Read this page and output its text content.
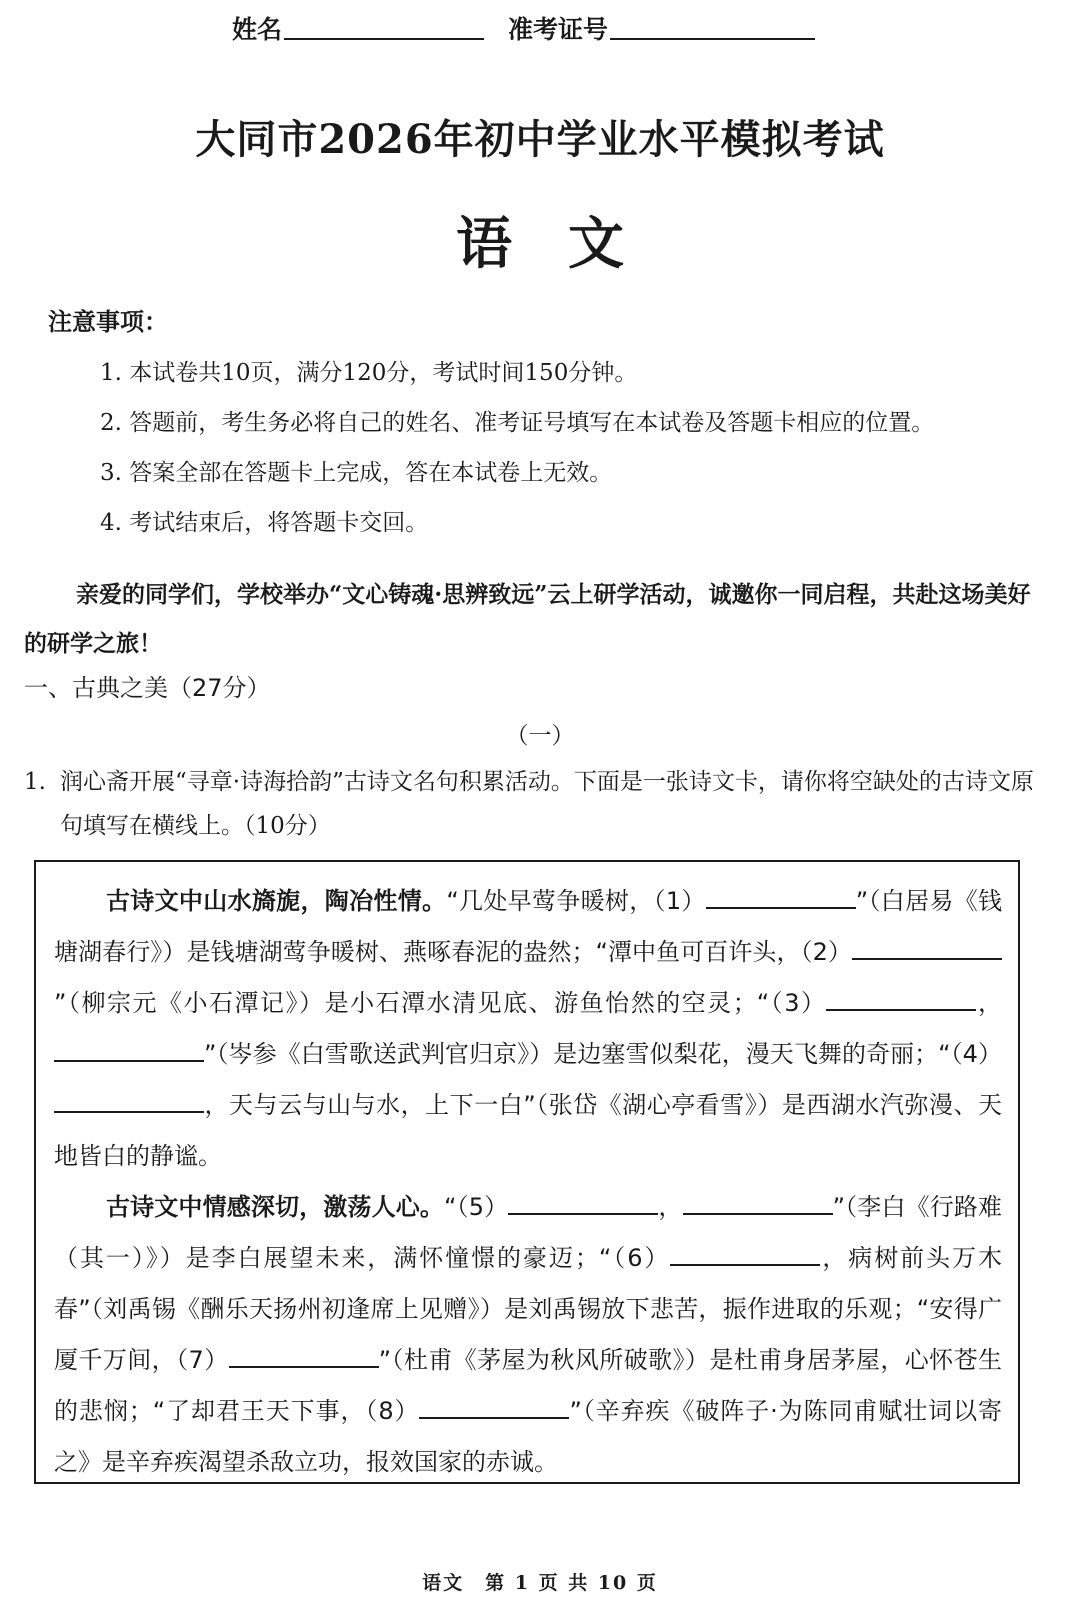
姓名	准考证号
大同市2026年初中学业水平模拟考试
语　文
注意事项：
1. 本试卷共10页，满分120分，考试时间150分钟。
2. 答题前，考生务必将自己的姓名、准考证号填写在本试卷及答题卡相应的位置。
3. 答案全部在答题卡上完成，答在本试卷上无效。
4. 考试结束后，将答题卡交回。

亲爱的同学们，学校举办“文心铸魂·思辨致远”云上研学活动，诚邀你一同启程，共赴这场美好的研学之旅！

一、古典之美（27分）
（一）
1. 润心斋开展“寻章·诗海拾韵”古诗文名句积累活动。下面是一张诗文卡，请你将空缺处的古诗文原句填写在横线上。（10分）

古诗文中山水旖旎，陶冶性情。“几处早莺争暖树，（1）	”（白居易《钱塘湖春行》）是钱塘湖莺争暖树、燕啄春泥的盎然；“潭中鱼可百许头，（2）”（柳宗元《小石潭记》）是小石潭水清见底、游鱼怡然的空灵；“（3）	，”（岑参《白雪歌送武判官归京》）是边塞雪似梨花，漫天飞舞的奇丽；“（4），天与云与山与水，上下一白”（张岱《湖心亭看雪》）是西湖水汽弥漫、天地皆白的静谧。

古诗文中情感深切，激荡人心。“（5）	，	”（李白《行路难（其一）》）是李白展望未来，满怀憧憬的豪迈；“（6）	，病树前头万木春”（刘禹锡《酬乐天扬州初逢席上见赠》）是刘禹锡放下悲苦，振作进取的乐观；“安得广厦千万间，（7）	”（杜甫《茅屋为秋风所破歌》）是杜甫身居茅屋，心怀苍生的悲悯；“了却君王天下事，（8）	”（辛弃疾《破阵子·为陈同甫赋壮词以寄之》是辛弃疾渴望杀敌立功，报效国家的赤诚。

语文　第 1 页 共 10 页
